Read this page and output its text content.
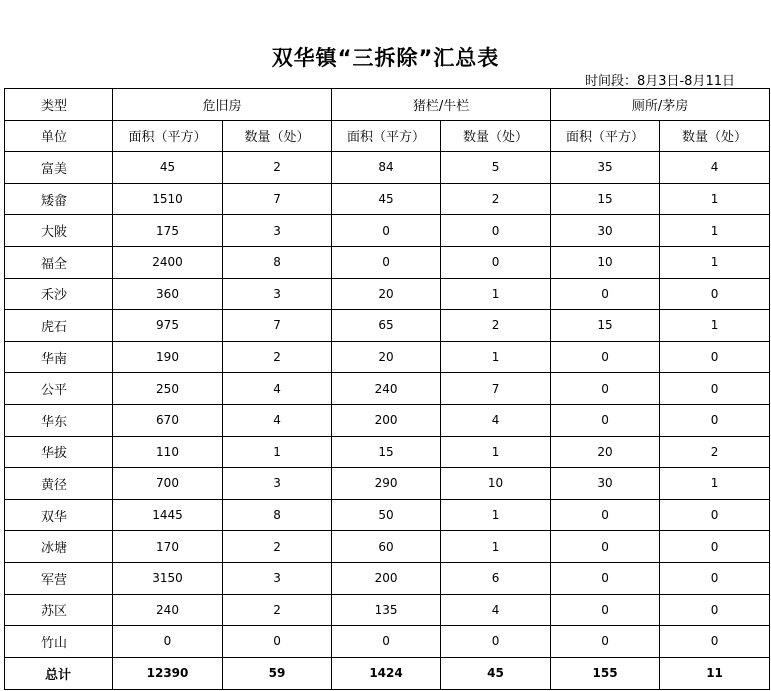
双华镇“三拆除”汇总表
时间段：8月3日-8月11日
类型	危旧房		猪栏/牛栏		厕所/茅房	
单位	面积（平方）	数量（处）	面积（平方）	数量（处）	面积（平方）	数量（处）
富美	45	2	84	5	35	4
矮畲	1510	7	45	2	15	1
大陂	175	3	0	0	30	1
福全	2400	8	0	0	10	1
禾沙	360	3	20	1	0	0
虎石	975	7	65	2	15	1
华南	190	2	20	1	0	0
公平	250	4	240	7	0	0
华东	670	4	200	4	0	0
华拔	110	1	15	1	20	2
黄径	700	3	290	10	30	1
双华	1445	8	50	1	0	0
冰塘	170	2	60	1	0	0
军营	3150	3	200	6	0	0
苏区	240	2	135	4	0	0
竹山	0	0	0	0	0	0
总计	12390	59	1424	45	155	11
